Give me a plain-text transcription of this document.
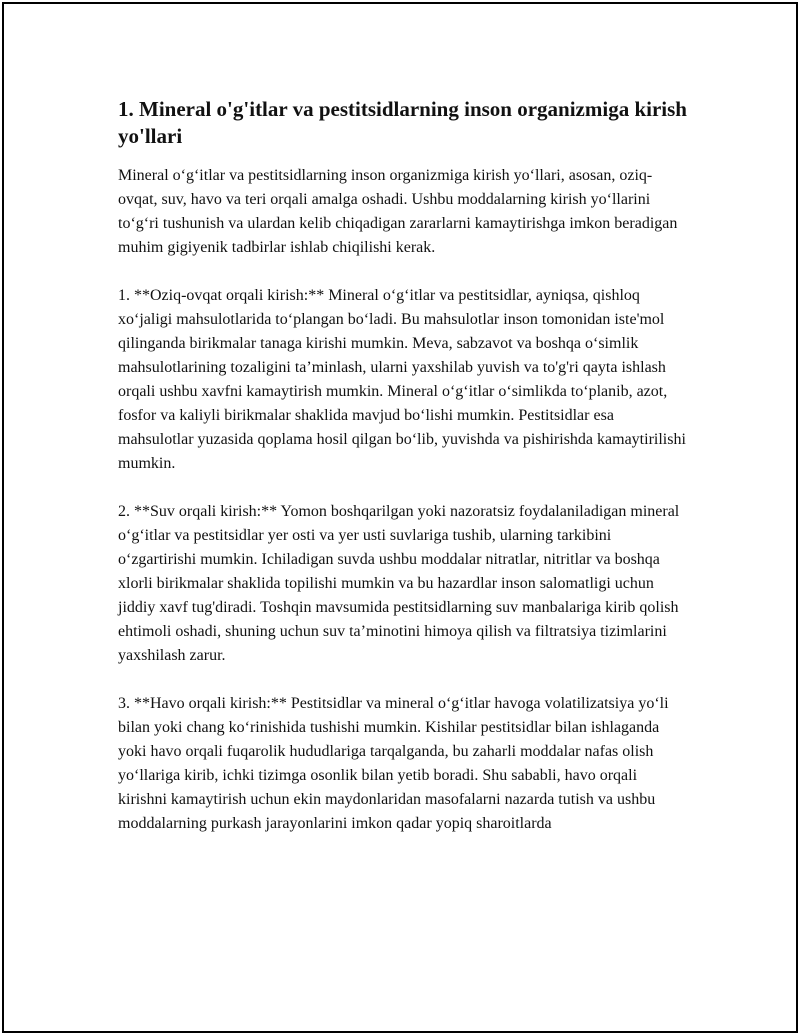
1. Mineral o'g'itlar va pestitsidlarning inson organizmiga kirish yo'llari

Mineral o‘g‘itlar va pestitsidlarning inson organizmiga kirish yo‘llari, asosan, oziq-ovqat, suv, havo va teri orqali amalga oshadi. Ushbu moddalarning kirish yo‘llarini to‘g‘ri tushunish va ulardan kelib chiqadigan zararlarni kamaytirishga imkon beradigan muhim gigiyenik tadbirlar ishlab chiqilishi kerak.

1. **Oziq-ovqat orqali kirish:** Mineral o‘g‘itlar va pestitsidlar, ayniqsa, qishloq xo‘jaligi mahsulotlarida to‘plangan bo‘ladi. Bu mahsulotlar inson tomonidan iste'mol qilinganda birikmalar tanaga kirishi mumkin. Meva, sabzavot va boshqa o‘simlik mahsulotlarining tozaligini ta’minlash, ularni yaxshilab yuvish va to'g'ri qayta ishlash orqali ushbu xavfni kamaytirish mumkin. Mineral o‘g‘itlar o‘simlikda to‘planib, azot, fosfor va kaliyli birikmalar shaklida mavjud bo‘lishi mumkin. Pestitsidlar esa mahsulotlar yuzasida qoplama hosil qilgan bo‘lib, yuvishda va pishirishda kamaytirilishi mumkin.

2. **Suv orqali kirish:** Yomon boshqarilgan yoki nazoratsiz foydalaniladigan mineral o‘g‘itlar va pestitsidlar yer osti va yer usti suvlariga tushib, ularning tarkibini o‘zgartirishi mumkin. Ichiladigan suvda ushbu moddalar nitratlar, nitritlar va boshqa xlorli birikmalar shaklida topilishi mumkin va bu hazardlar inson salomatligi uchun jiddiy xavf tug'diradi. Toshqin mavsumida pestitsidlarning suv manbalariga kirib qolish ehtimoli oshadi, shuning uchun suv ta’minotini himoya qilish va filtratsiya tizimlarini yaxshilash zarur.

3. **Havo orqali kirish:** Pestitsidlar va mineral o‘g‘itlar havoga volatilizatsiya yo‘li bilan yoki chang ko‘rinishida tushishi mumkin. Kishilar pestitsidlar bilan ishlaganda yoki havo orqali fuqarolik hududlariga tarqalganda, bu zaharli moddalar nafas olish yo‘llariga kirib, ichki tizimga osonlik bilan yetib boradi. Shu sababli, havo orqali kirishni kamaytirish uchun ekin maydonlaridan masofalarni nazarda tutish va ushbu moddalarning purkash jarayonlarini imkon qadar yopiq sharoitlarda
